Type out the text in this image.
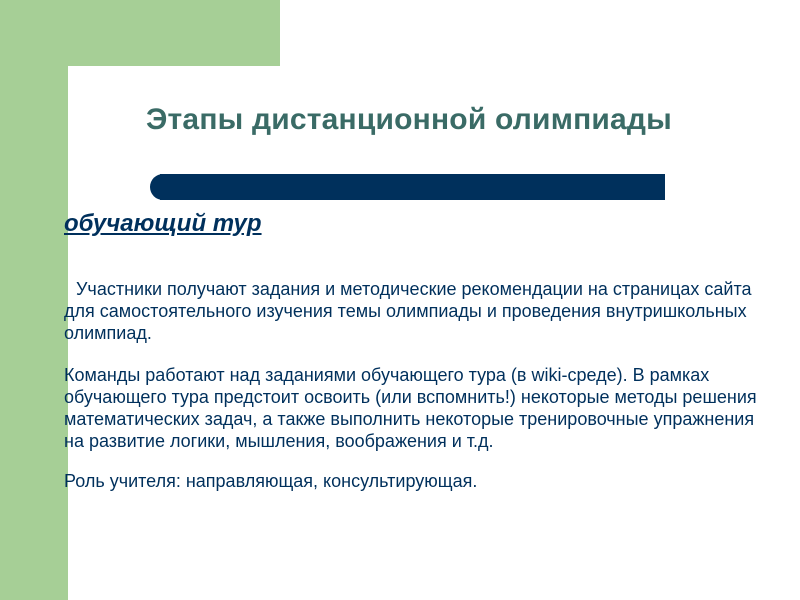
Этапы дистанционной олимпиады
обучающий тур

Участники получают задания и методические рекомендации на страницах сайта для самостоятельного изучения темы олимпиады и проведения внутришкольных олимпиад.

Команды работают над заданиями обучающего тура (в wiki-среде). В рамках обучающего тура предстоит освоить (или вспомнить!) некоторые методы решения математических задач, а также выполнить некоторые тренировочные упражнения на развитие логики, мышления, воображения и т.д.

Роль учителя: направляющая, консультирующая.
